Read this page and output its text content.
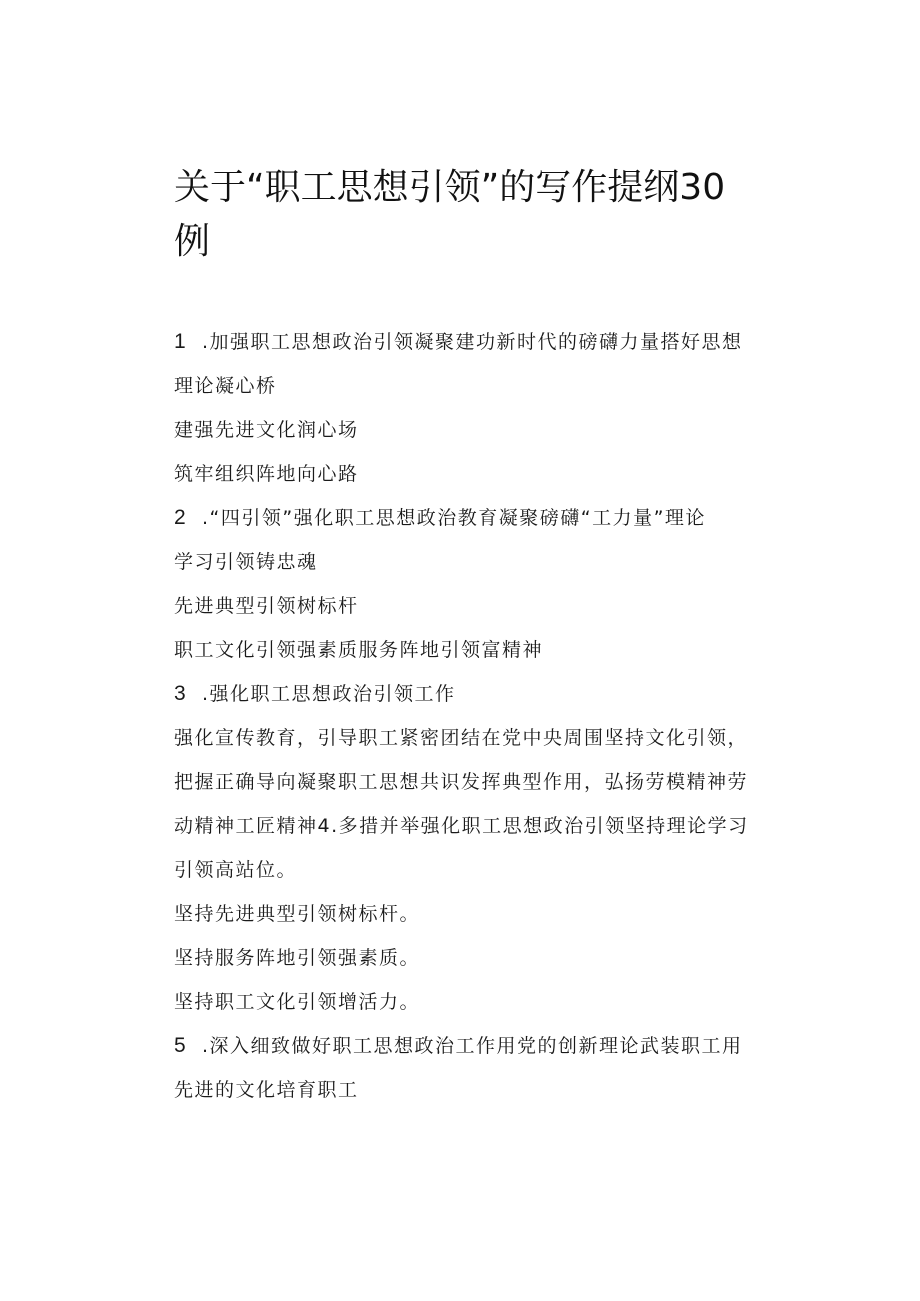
关于“职工思想引领”的写作提纲30例
1 .加强职工思想政治引领凝聚建功新时代的磅礴力量搭好思想
理论凝心桥
建强先进文化润心场
筑牢组织阵地向心路
2 .“四引领”强化职工思想政治教育凝聚磅礴“工力量”理论
学习引领铸忠魂
先进典型引领树标杆
职工文化引领强素质服务阵地引领富精神
3 .强化职工思想政治引领工作
强化宣传教育，引导职工紧密团结在党中央周围坚持文化引领，
把握正确导向凝聚职工思想共识发挥典型作用，弘扬劳模精神劳
动精神工匠精神4.多措并举强化职工思想政治引领坚持理论学习
引领高站位。
坚持先进典型引领树标杆。
坚持服务阵地引领强素质。
坚持职工文化引领增活力。
5 .深入细致做好职工思想政治工作用党的创新理论武装职工用
先进的文化培育职工
